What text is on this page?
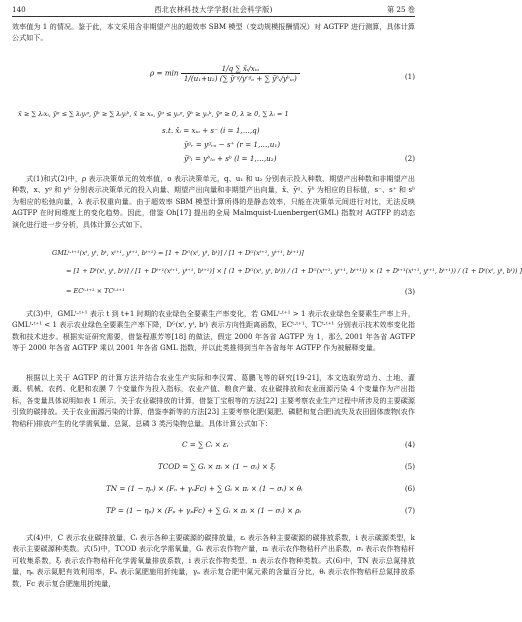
140	西北农林科技大学学报(社会科学版)	第 25 卷

效率值为 1 的情况。鉴于此，本文采用含非期望产出的超效率 SBM 模型（变动规模报酬情况）对 AGTFP 进行测算，具体计算公式如下。

$\rho = \min \frac{\text{1/q ∑ x̄ᵢ/xᵢₒ}}{\text{1/(u₁+u₂) (∑ ȳʳᵍ/yʳᵍₒ + ∑ ȳᵇᵢ/yᵇᵢₒ)}}$	(1)
x̄ ≥ ∑ λᵢxᵢ, ȳᵍ ≤ ∑ λᵢyᵢᵍ, ȳᵇ ≥ ∑ λᵢyᵢᵇ, x̄ ≥ xₒ, ȳᵍ ≤ yₒᵍ, ȳᵇ ≥ yₒᵇ, ȳᵍ ≥ 0, λ ≥ 0, ∑ λᵢ = 1
s.t. x̄ᵢ = xᵢₒ + s⁻ (i = 1,…,q)
ȳᵍᵣ = yᵍᵣₒ − s⁺ (r = 1,…,u₁)
ȳᵇₗ = yᵇₗₒ + sᵇ (l = 1,…,u₂)	(2)

式(1)和式(2)中，ρ 表示决策单元的效率值，o 表示决策单元，q、u₁ 和 u₂ 分别表示投入种数、期望产出种数和非期望产出种数，x、yᵍ 和 yᵇ 分别表示决策单元的投入向量、期望产出向量和非期望产出向量，x̄、ȳᵍ、ȳᵇ 为相应的目标值，s⁻、s⁺ 和 sᵇ 为相应的松弛向量，λ 表示权重向量。由于超效率 SBM 模型计算所得的是静态效率，只能在决策单元间进行对比，无法反映 AGTFP 在时间维度上的变化趋势。因此，借鉴 Oh[17] 提出的全局 Malmquist-Luenberger(GML) 指数对 AGTFP 的动态演化进行进一步分析，具体计算公式如下。

GMLᵗ·ᵗ⁺¹(xᵗ, yᵗ, bᵗ, xᵗ⁺¹, yᵗ⁺¹, bᵗ⁺¹) = [1 + Dᴳ(xᵗ, yᵗ, bᵗ)] / [1 + Dᴳ(xᵗ⁺¹, yᵗ⁺¹, bᵗ⁺¹)]
= [1 + Dᵗ(xᵗ, yᵗ, bᵗ)] / [1 + Dᵗ⁺¹(xᵗ⁺¹, yᵗ⁺¹, bᵗ⁺¹)] × [ (1 + Dᴳ(xᵗ, yᵗ, bᵗ)) / (1 + Dᴳ(xᵗ⁺¹, yᵗ⁺¹, bᵗ⁺¹)) × (1 + Dᵗ⁺¹(xᵗ⁺¹, yᵗ⁺¹, bᵗ⁺¹)) / (1 + Dᵗ(xᵗ, yᵗ, bᵗ)) ]
= ECᵗ·ᵗ⁺¹ × TCᵗ·ᵗ⁺¹	(3)

式(3)中，GMLᵗ·ᵗ⁺¹ 表示 t 到 t+1 时期的农业绿色全要素生产率变化，若 GMLᵗ·ᵗ⁺¹ > 1 表示农业绿色全要素生产率上升，GMLᵗ·ᵗ⁺¹ < 1 表示农业绿色全要素生产率下降，Dᴳ(xᵗ, yᵗ, bᵗ) 表示方向性距离函数，ECᵗ·ᵗ⁺¹、TCᵗ·ᵗ⁺¹ 分别表示技术效率变化指数和技术进步。根据实证研究需要，借鉴程惠芳等[18] 的做法，假定 2000 年各省 AGTFP 为 1，那么 2001 年各省 AGTFP 等于 2000 年各省 AGTFP 乘以 2001 年各省 GML 指数，并以此类推得到当年各省每年 AGTFP 作为被解释变量。

根据以上关于 AGTFP 的计算方法并结合农业生产实际和李汉霄、葛鹏飞等的研究[19-21]，本文选取劳动力、土地、灌溉、机械、农药、化肥和农膜 7 个变量作为投入指标，农业产值、粮食产量、农业碳排放和农业面源污染 4 个变量作为产出指标，各变量具体说明如表 1 所示。关于农业碳排放的计算，借鉴丁宝根等的方法[22] 主要考察农业生产过程中所涉及的主要碳源引致的碳排放。关于农业面源污染的计算，借鉴李新等的方法[23] 主要考察化肥(氮肥、磷肥和复合肥)流失及农田固体废物(农作物秸秆)排放产生的化学需氧量、总氮、总磷 3 类污染物总量。具体计算公式如下：

C = ∑ Cᵢ × εᵢ	(4)
TCOD = ∑ Gᵢ × πᵢ × (1 − σᵢ) × ξᵢ	(5)
TN = (1 − ηₙ) × (Fₙ + γₙFc) + ∑ Gᵢ × πᵢ × (1 − σᵢ) × θᵢ	(6)
TP = (1 − ηₚ) × (Fₚ + γₚFc) + ∑ Gᵢ × πᵢ × (1 − σᵢ) × ρᵢ	(7)

式(4)中，C 表示农业碳排放量，Cᵢ 表示各种主要碳源的碳排放量，εᵢ 表示各种主要碳源的碳排放系数，i 表示碳源类型，k 表示主要碳源种类数。式(5)中，TCOD 表示化学需氧量，Gᵢ 表示农作物产量，πᵢ 表示农作物秸秆产出系数，σᵢ 表示农作物秸秆可收集系数，ξᵢ 表示农作物秸秆化学需氧量排放系数，i 表示农作物类型，n 表示农作物种类数。式(6)中，TN 表示总氮排放量，ηₙ 表示氮肥有效利用率，Fₙ 表示氮肥施用折纯量，γₙ 表示复合肥中氮元素的含量百分比，θᵢ 表示农作物秸秆总氮排放系数，Fc 表示复合肥施用折纯量，
